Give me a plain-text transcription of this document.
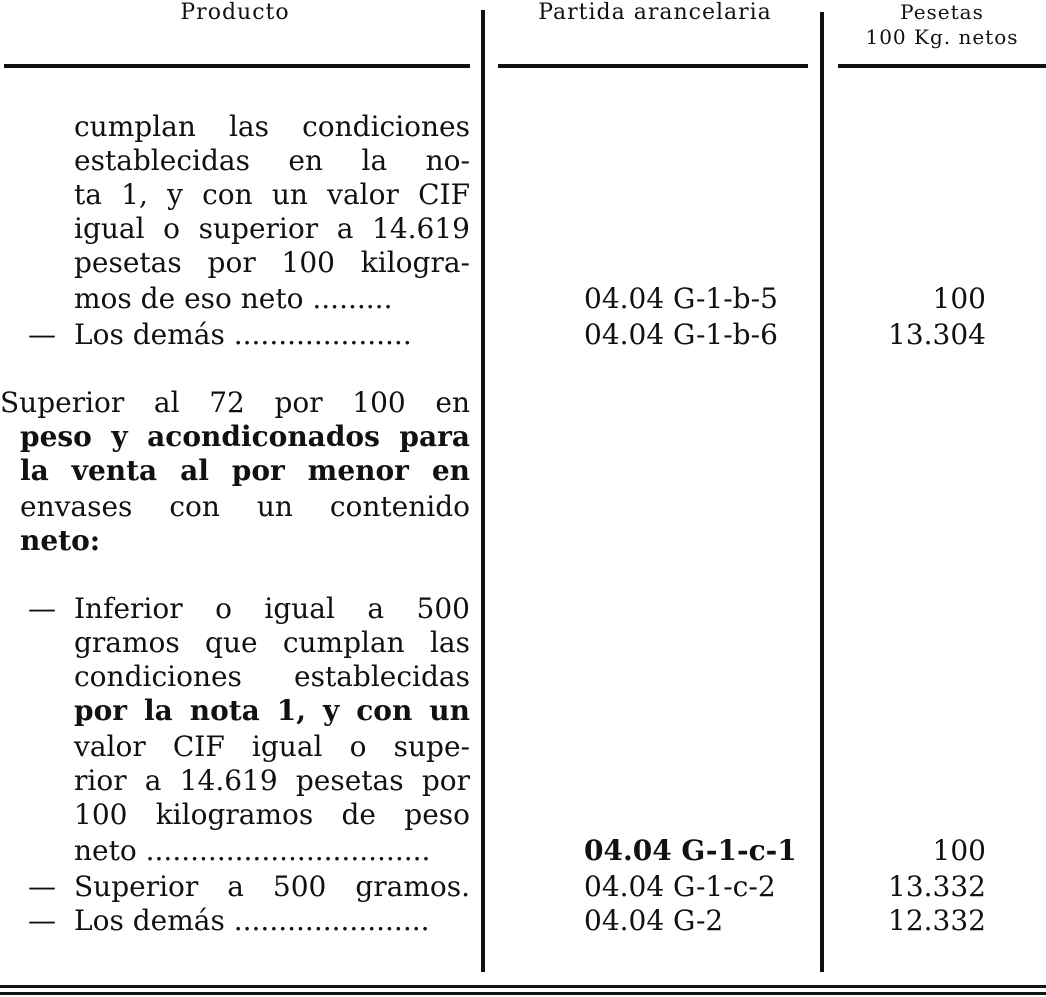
Producto	Partida arancelaria	Pesetas
100 Kg. netos
cumplan las condiciones
establecidas en la no-
ta 1, y con un valor CIF
igual o superior a 14.619
pesetas por 100 kilogra-
mos de eso neto .........	04.04 G-1-b-5	100
— Los demás ....................	04.04 G-1-b-6	13.304
Superior al 72 por 100 en
peso y acondiconados para
la venta al por menor en
envases con un contenido
neto:
— Inferior o igual a 500
gramos que cumplan las
condiciones establecidas
por la nota 1, y con un
valor CIF igual o supe-
rior a 14.619 pesetas por
100 kilogramos de peso
neto ................................	04.04 G-1-c-1	100
— Superior a 500 gramos.	04.04 G-1-c-2	13.332
— Los demás ......................	04.04 G-2	12.332
